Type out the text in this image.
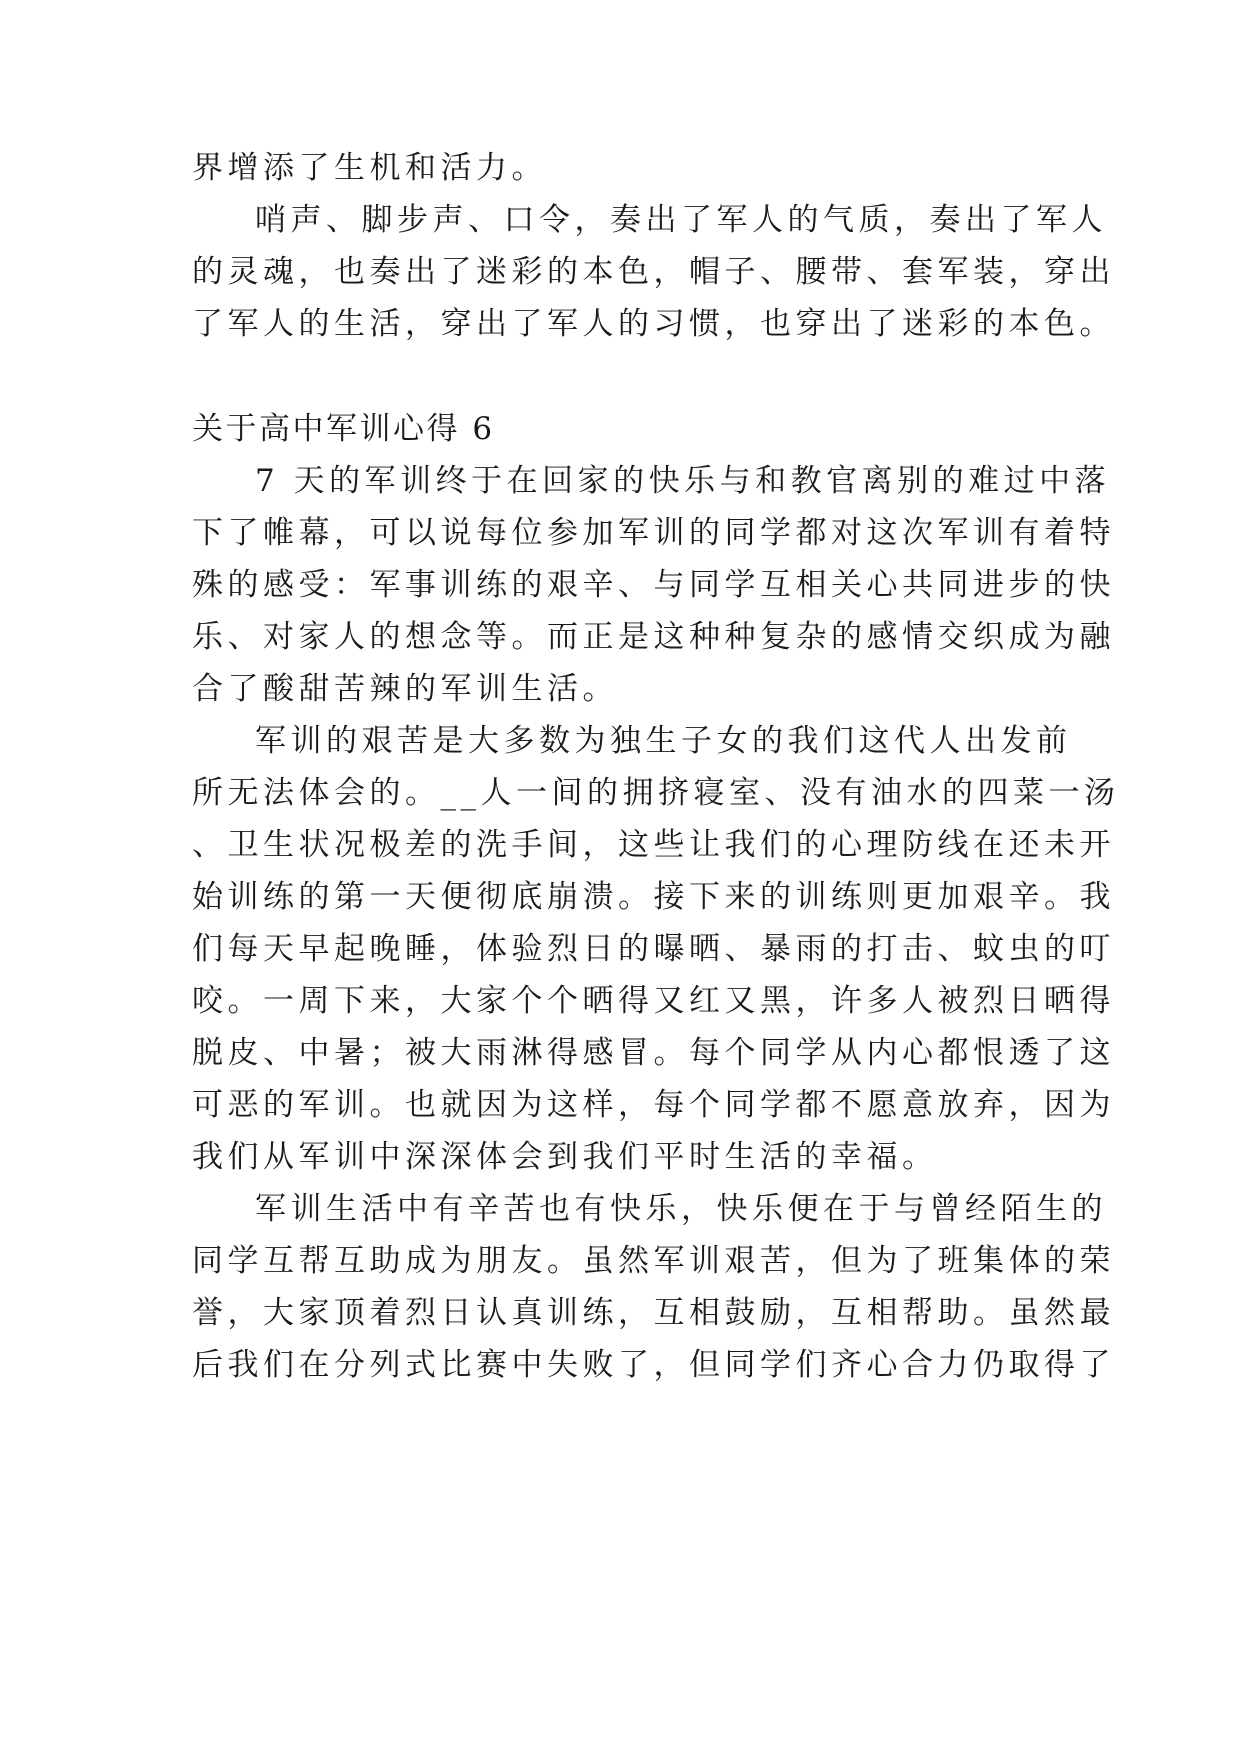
界增添了生机和活力。
哨声、脚步声、口令，奏出了军人的气质，奏出了军人
的灵魂，也奏出了迷彩的本色，帽子、腰带、套军装，穿出
了军人的生活，穿出了军人的习惯，也穿出了迷彩的本色。
关于高中军训心得 6
7 天的军训终于在回家的快乐与和教官离别的难过中落
下了帷幕，可以说每位参加军训的同学都对这次军训有着特
殊的感受：军事训练的艰辛、与同学互相关心共同进步的快
乐、对家人的想念等。而正是这种种复杂的感情交织成为融
合了酸甜苦辣的军训生活。
军训的艰苦是大多数为独生子女的我们这代人出发前
所无法体会的。__人一间的拥挤寝室、没有油水的四菜一汤
、卫生状况极差的洗手间，这些让我们的心理防线在还未开
始训练的第一天便彻底崩溃。接下来的训练则更加艰辛。我
们每天早起晚睡，体验烈日的曝晒、暴雨的打击、蚊虫的叮
咬。一周下来，大家个个晒得又红又黑，许多人被烈日晒得
脱皮、中暑；被大雨淋得感冒。每个同学从内心都恨透了这
可恶的军训。也就因为这样，每个同学都不愿意放弃，因为
我们从军训中深深体会到我们平时生活的幸福。
军训生活中有辛苦也有快乐，快乐便在于与曾经陌生的
同学互帮互助成为朋友。虽然军训艰苦，但为了班集体的荣
誉，大家顶着烈日认真训练，互相鼓励，互相帮助。虽然最
后我们在分列式比赛中失败了，但同学们齐心合力仍取得了
